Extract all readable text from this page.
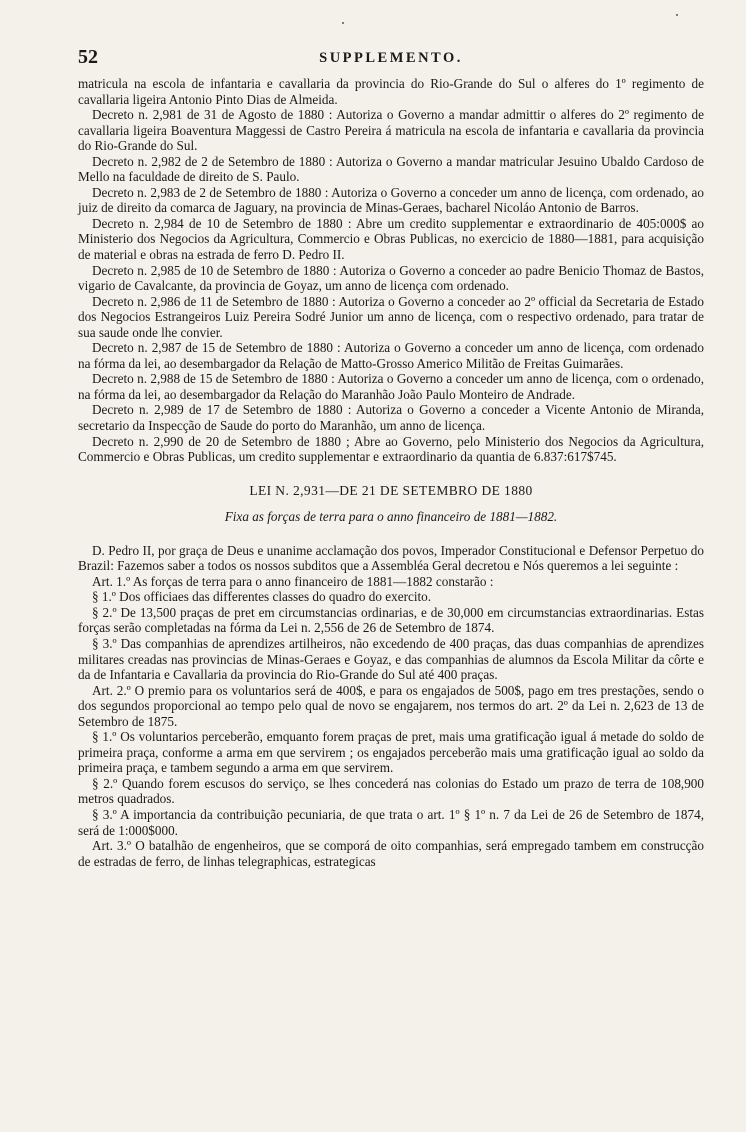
52	SUPPLEMENTO.

matricula na escola de infantaria e cavallaria da provincia do Rio-Grande do Sul o alferes do 1º regimento de cavallaria ligeira Antonio Pinto Dias de Almeida.

Decreto n. 2,981 de 31 de Agosto de 1880 : Autoriza o Governo a mandar admittir o alferes do 2º regimento de cavallaria ligeira Boaventura Maggessi de Castro Pereira á matricula na escola de infantaria e cavallaria da provincia do Rio-Grande do Sul.

Decreto n. 2,982 de 2 de Setembro de 1880 : Autoriza o Governo a mandar matricular Jesuino Ubaldo Cardoso de Mello na faculdade de direito de S. Paulo.

Decreto n. 2,983 de 2 de Setembro de 1880 : Autoriza o Governo a conceder um anno de licença, com ordenado, ao juiz de direito da comarca de Jaguary, na provincia de Minas-Geraes, bacharel Nicoláo Antonio de Barros.

Decreto n. 2,984 de 10 de Setembro de 1880 : Abre um credito supplementar e extraordinario de 405:000$ ao Ministerio dos Negocios da Agricultura, Commercio e Obras Publicas, no exercicio de 1880—1881, para acquisição de material e obras na estrada de ferro D. Pedro II.

Decreto n. 2,985 de 10 de Setembro de 1880 : Autoriza o Governo a conceder ao padre Benicio Thomaz de Bastos, vigario de Cavalcante, da provincia de Goyaz, um anno de licença com ordenado.

Decreto n. 2,986 de 11 de Setembro de 1880 : Autoriza o Governo a conceder ao 2º official da Secretaria de Estado dos Negocios Estrangeiros Luiz Pereira Sodré Junior um anno de licença, com o respectivo ordenado, para tratar de sua saude onde lhe convier.

Decreto n. 2,987 de 15 de Setembro de 1880 : Autoriza o Governo a conceder um anno de licença, com ordenado na fórma da lei, ao desembargador da Relação de Matto-Grosso Americo Militão de Freitas Guimarães.

Decreto n. 2,988 de 15 de Setembro de 1880 : Autoriza o Governo a conceder um anno de licença, com o ordenado, na fórma da lei, ao desembargador da Relação do Maranhão João Paulo Monteiro de Andrade.

Decreto n. 2,989 de 17 de Setembro de 1880 : Autoriza o Governo a conceder a Vicente Antonio de Miranda, secretario da Inspecção de Saude do porto do Maranhão, um anno de licença.

Decreto n. 2,990 de 20 de Setembro de 1880 ; Abre ao Governo, pelo Ministerio dos Negocios da Agricultura, Commercio e Obras Publicas, um credito supplementar e extraordinario da quantia de 6.837:617$745.

LEI N. 2,931—DE 21 DE SETEMBRO DE 1880
Fixa as forças de terra para o anno financeiro de 1881—1882.

D. Pedro II, por graça de Deus e unanime acclamação dos povos, Imperador Constitucional e Defensor Perpetuo do Brazil: Fazemos saber a todos os nossos subditos que a Assembléa Geral decretou e Nós queremos a lei seguinte :

Art. 1.º As forças de terra para o anno financeiro de 1881—1882 constarão :

§ 1.º Dos officiaes das differentes classes do quadro do exercito.

§ 2.º De 13,500 praças de pret em circumstancias ordinarias, e de 30,000 em circumstancias extraordinarias. Estas forças serão completadas na fórma da Lei n. 2,556 de 26 de Setembro de 1874.

§ 3.º Das companhias de aprendizes artilheiros, não excedendo de 400 praças, das duas companhias de aprendizes militares creadas nas provincias de Minas-Geraes e Goyaz, e das companhias de alumnos da Escola Militar da côrte e da de Infantaria e Cavallaria da provincia do Rio-Grande do Sul até 400 praças.

Art. 2.º O premio para os voluntarios será de 400$, e para os engajados de 500$, pago em tres prestações, sendo o dos segundos proporcional ao tempo pelo qual de novo se engajarem, nos termos do art. 2º da Lei n. 2,623 de 13 de Setembro de 1875.

§ 1.º Os voluntarios perceberão, emquanto forem praças de pret, mais uma gratificação igual á metade do soldo de primeira praça, conforme a arma em que servirem ; os engajados perceberão mais uma gratificação igual ao soldo da primeira praça, e tambem segundo a arma em que servirem.

§ 2.º Quando forem escusos do serviço, se lhes concederá nas colonias do Estado um prazo de terra de 108,900 metros quadrados.

§ 3.º A importancia da contribuição pecuniaria, de que trata o art. 1º § 1º n. 7 da Lei de 26 de Setembro de 1874, será de 1:000$000.

Art. 3.º O batalhão de engenheiros, que se comporá de oito companhias, será empregado tambem em construcção de estradas de ferro, de linhas telegraphicas, estrategicas
